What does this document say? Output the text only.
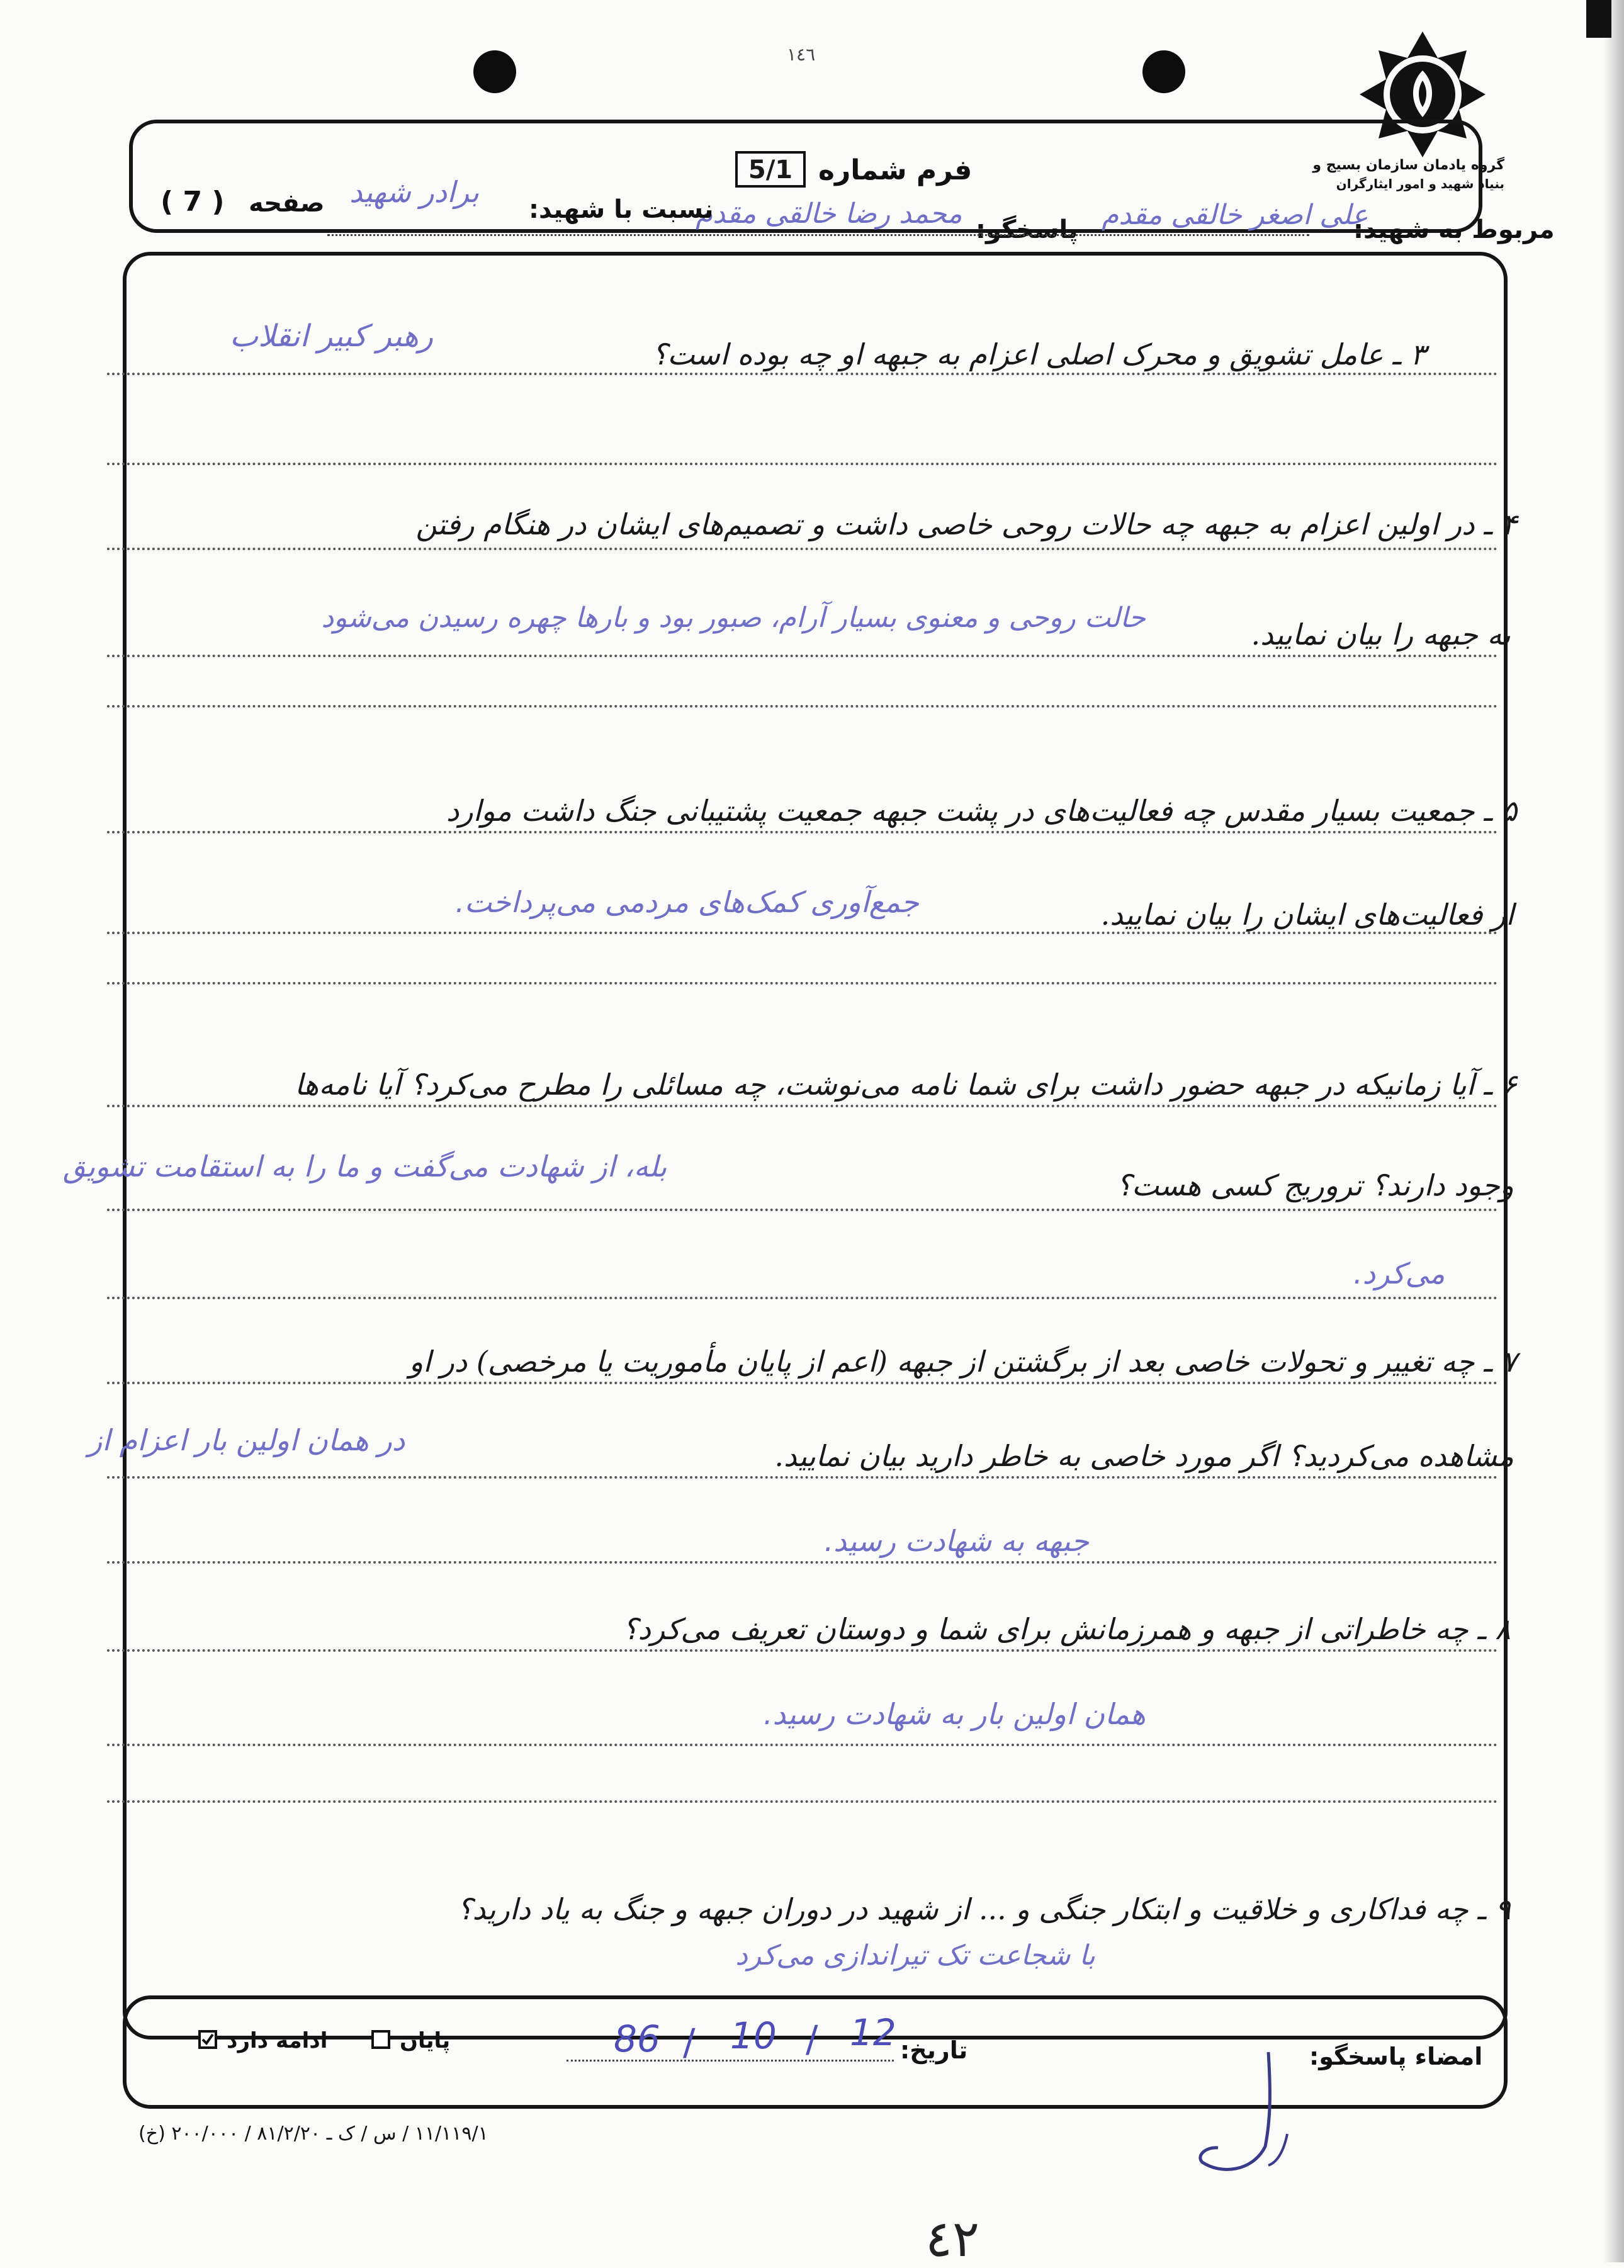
١٤٦
گروه یادمان سازمان بسیج و
بنیاد شهید و امور ایثارگران
فرم شماره
5/1
صفحه
( 7 )
مربوط به شهید:
علی اصغر خالقی مقدم
پاسخگو:
محمد رضا خالقی مقدم
نسبت با شهید:
برادر شهید
۳ ـ عامل تشویق و محرک اصلی اعزام به جبهه او چه بوده است؟
رهبر کبیر انقلاب
۴ ـ در اولین اعزام به جبهه چه حالات روحی خاصی داشت و تصمیم‌های ایشان در هنگام رفتن
به جبهه را بیان نمایید.
حالت روحی و معنوی بسیار آرام، صبور بود و بارها چهره رسیدن می‌شود
۵ ـ جمعیت بسیار مقدس چه فعالیت‌های در پشت جبهه جمعیت پشتیبانی جنگ داشت موارد
از فعالیت‌های ایشان را بیان نمایید.
جمع‌آوری کمک‌های مردمی می‌پرداخت.
۶ ـ آیا زمانیکه در جبهه حضور داشت برای شما نامه می‌نوشت، چه مسائلی را مطرح می‌کرد؟ آیا نامه‌ها
وجود دارند؟ تروریج کسی هست؟
بله، از شهادت می‌گفت و ما را به استقامت تشویق
می‌کرد.
۷ ـ چه تغییر و تحولات خاصی بعد از برگشتن از جبهه (اعم از پایان مأموریت یا مرخصی) در او
مشاهده می‌کردید؟ اگر مورد خاصی به خاطر دارید بیان نمایید.
در همان اولین بار اعزام از
جبهه به شهادت رسید.
۸ ـ چه خاطراتی از جبهه و همرزمانش برای شما و دوستان تعریف می‌کرد؟
همان اولین بار به شهادت رسید.
۹ ـ چه فداکاری و خلاقیت و ابتکار جنگی و ... از شهید در دوران جبهه و جنگ به یاد دارید؟
با شجاعت تک تیراندازی می‌کرد
ادامه دارد	پایان	تاریخ:
12
/
10
/
86	امضاء پاسخگو:
۱۱/۱۱۹/۱ / س / ک ـ ۸۱/۲/۲۰ / ۲۰۰/۰۰۰ (خ)
٤٢
